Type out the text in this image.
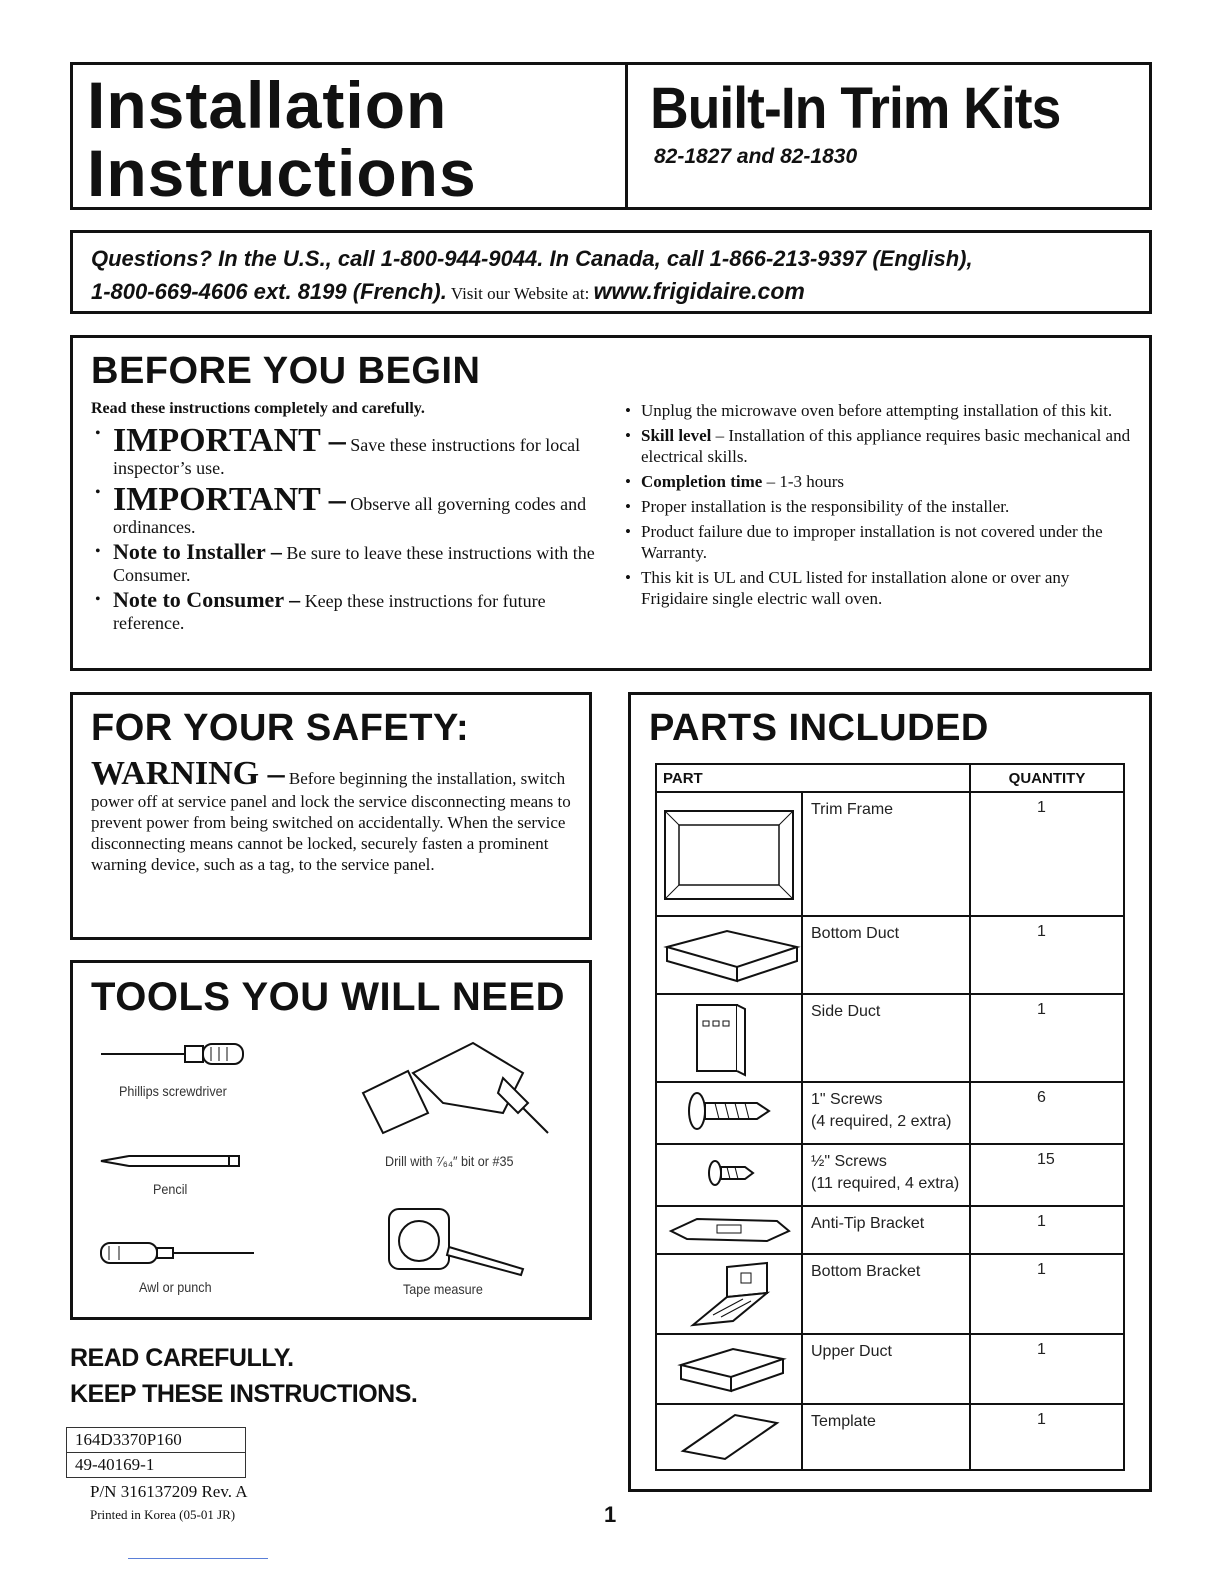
Installation
Instructions
Built-In Trim Kits
82-1827 and 82-1830
Questions? In the U.S., call 1-800-944-9044. In Canada, call 1-866-213-9397 (English),
1-800-669-4606 ext. 8199 (French). Visit our Website at: www.frigidaire.com
BEFORE YOU BEGIN
Read these instructions completely and carefully.
• IMPORTANT – Save these instructions for local inspector’s use.
• IMPORTANT – Observe all governing codes and ordinances.
• Note to Installer – Be sure to leave these instructions with the Consumer.
• Note to Consumer – Keep these instructions for future reference.
• Unplug the microwave oven before attempting installation of this kit.
• Skill level – Installation of this appliance requires basic mechanical and electrical skills.
• Completion time – 1-3 hours
• Proper installation is the responsibility of the installer.
• Product failure due to improper installation is not covered under the Warranty.
• This kit is UL and CUL listed for installation alone or over any Frigidaire single electric wall oven.
FOR YOUR SAFETY:
WARNING – Before beginning the installation, switch power off at service panel and lock the service disconnecting means to prevent power from being switched on accidentally. When the service disconnecting means cannot be locked, securely fasten a prominent warning device, such as a tag, to the service panel.
TOOLS YOU WILL NEED
Phillips screwdriver
Drill with ⁷⁄₆₄″ bit or #35
Pencil
Awl or punch	Tape measure
READ CAREFULLY.
KEEP THESE INSTRUCTIONS.
164D3370P160
49-40169-1
P/N 316137209 Rev. A
Printed in Korea (05-01 JR)	1
PARTS INCLUDED
PART		QUANTITY

	Trim Frame	1

	Bottom Duct	1

	Side Duct	1

	1" Screws
(4 required, 2 extra)	6

	½" Screws
(11 required, 4 extra)	15

	Anti-Tip Bracket	1

	Bottom Bracket	1

	Upper Duct	1

	Template	1
